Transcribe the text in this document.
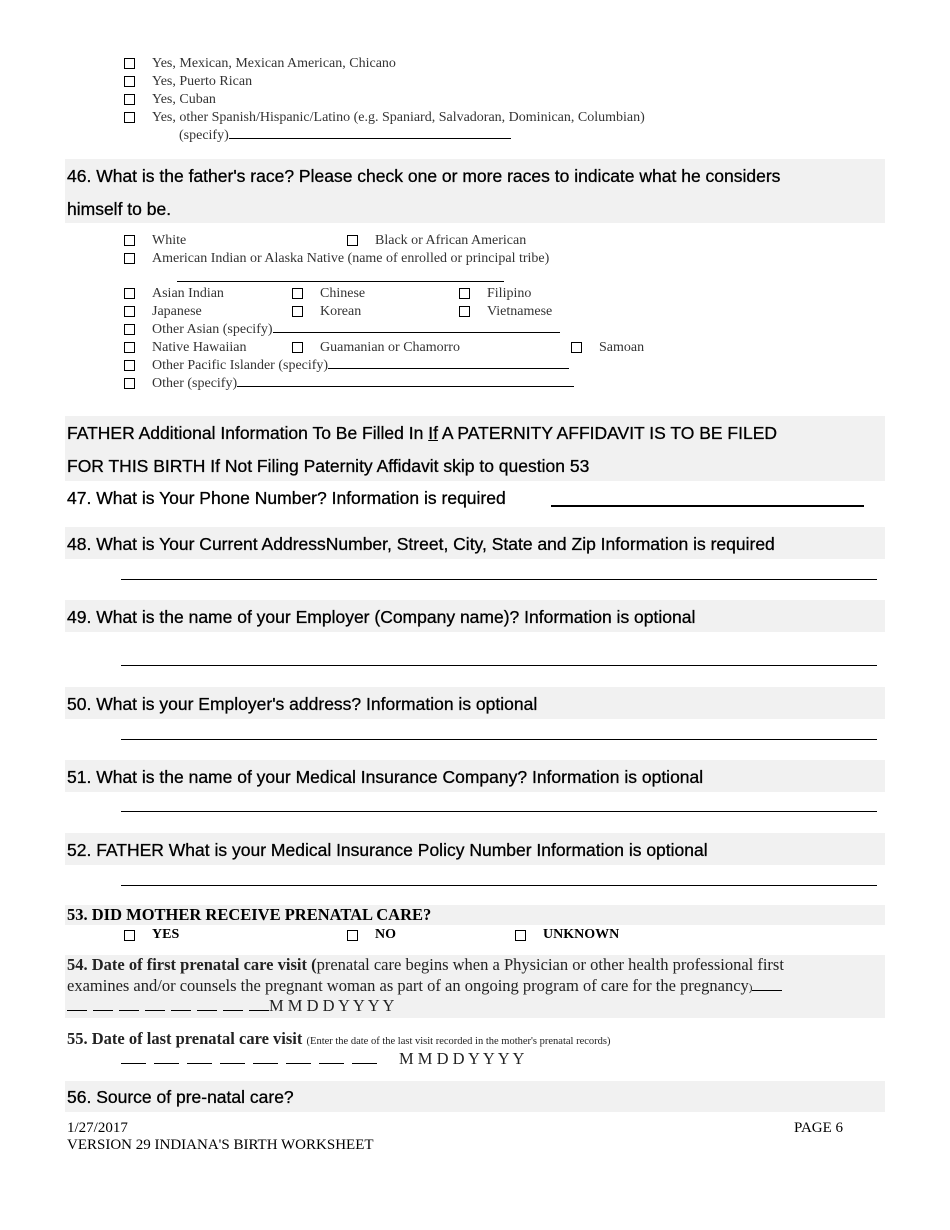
Yes, Mexican, Mexican American, Chicano
Yes, Puerto Rican
Yes, Cuban
Yes, other Spanish/Hispanic/Latino (e.g. Spaniard, Salvadoran, Dominican, Columbian)
(specify)
46. What is the father's race? Please check one or more races to indicate what he considers
himself to be.
White	Black or African American
American Indian or Alaska Native (name of enrolled or principal tribe)
Asian Indian	Chinese	Filipino
Japanese	Korean	Vietnamese
Other Asian (specify)
Native Hawaiian	Guamanian or Chamorro	Samoan
Other Pacific Islander (specify)
Other (specify)
FATHER Additional Information To Be Filled In If A PATERNITY AFFIDAVIT IS TO BE FILED
FOR THIS BIRTH If Not Filing Paternity Affidavit skip to question 53
47. What is Your Phone Number? Information is required
48. What is Your Current AddressNumber, Street, City, State and Zip Information is required
49. What is the name of your Employer (Company name)? Information is optional
50. What is your Employer's address? Information is optional
51. What is the name of your Medical Insurance Company? Information is optional
52. FATHER What is your Medical Insurance Policy Number Information is optional
53. DID MOTHER RECEIVE PRENATAL CARE?
YES	NO	UNKNOWN
54. Date of first prenatal care visit (prenatal care begins when a Physician or other health professional first
examines and/or counsels the pregnant woman as part of an ongoing program of care for the pregnancy)
M M D D Y Y Y Y
55. Date of last prenatal care visit (Enter the date of the last visit recorded in the mother's prenatal records)
M M D D Y Y Y Y
56. Source of pre-natal care?
1/27/2017
VERSION 29 INDIANA'S BIRTH WORKSHEET
PAGE 6
